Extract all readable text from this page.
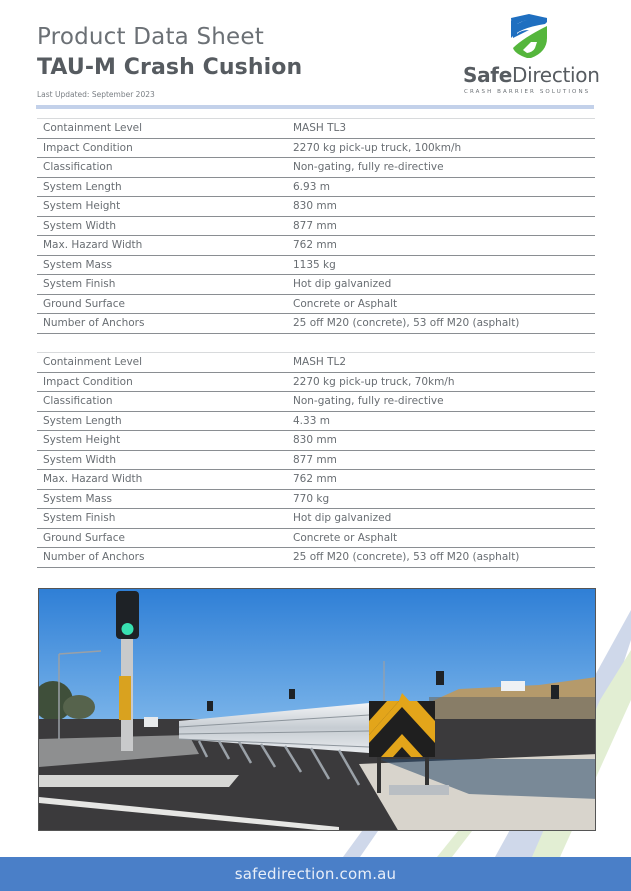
Product Data Sheet
TAU-M Crash Cushion
Last Updated: September 2023
SafeDirection
CRASH BARRIER SOLUTIONS
Containment Level	MASH TL3
Impact Condition	2270 kg pick-up truck, 100km/h
Classification	Non-gating, fully re-directive
System Length	6.93 m
System Height	830 mm
System Width	877 mm
Max. Hazard Width	762 mm
System Mass	1135 kg
System Finish	Hot dip galvanized
Ground Surface	Concrete or Asphalt
Number of Anchors	25 off M20 (concrete), 53 off M20 (asphalt)
Containment Level	MASH TL2
Impact Condition	2270 kg pick-up truck, 70km/h
Classification	Non-gating, fully re-directive
System Length	4.33 m
System Height	830 mm
System Width	877 mm
Max. Hazard Width	762 mm
System Mass	770 kg
System Finish	Hot dip galvanized
Ground Surface	Concrete or Asphalt
Number of Anchors	25 off M20 (concrete), 53 off M20 (asphalt)
safedirection.com.au
